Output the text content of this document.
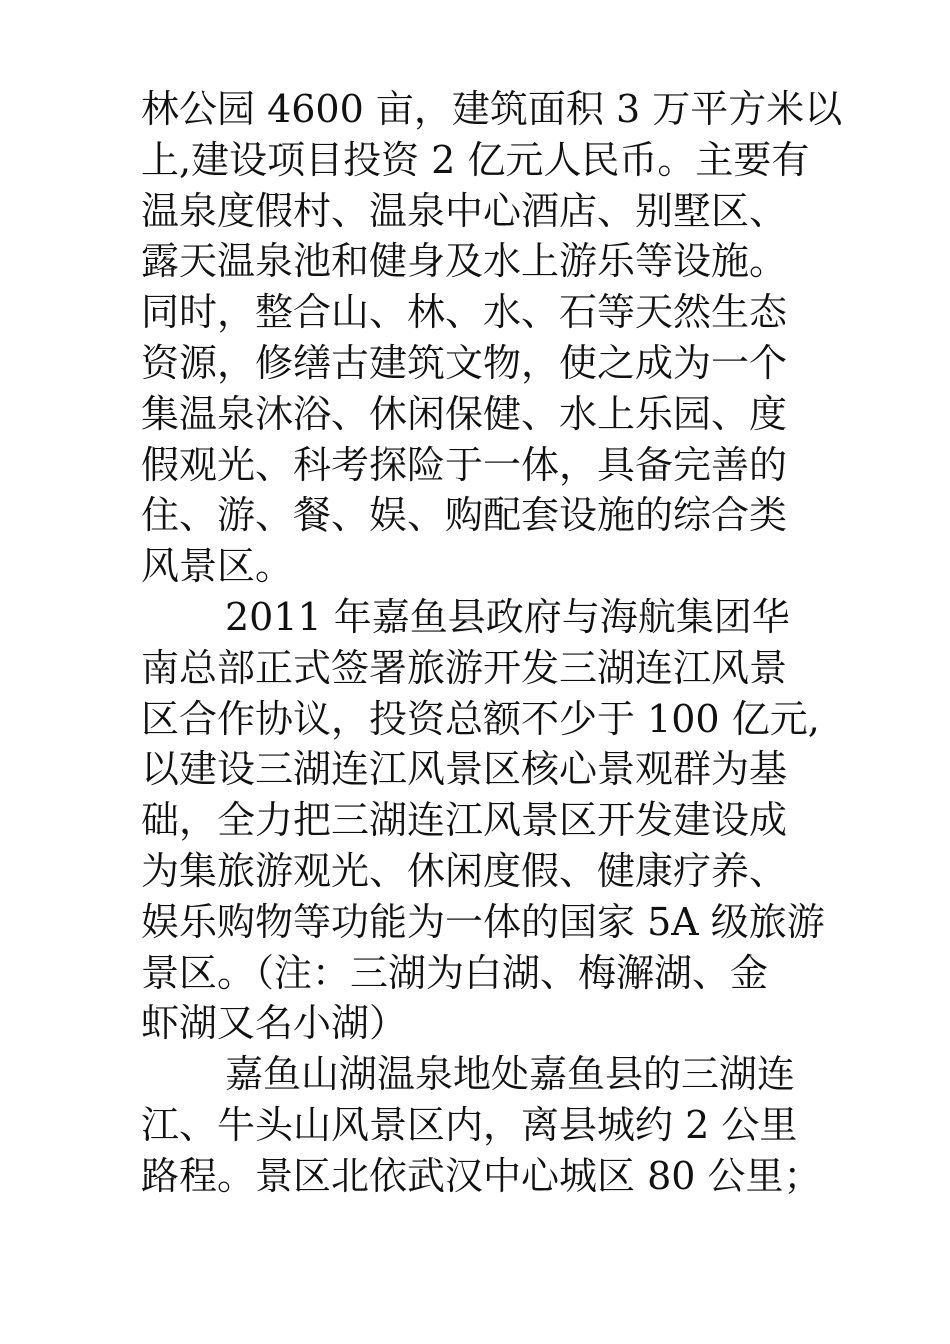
林公园 4600 亩，建筑面积 3 万平方米以
上,建设项目投资 2 亿元人民币。主要有
温泉度假村、温泉中心酒店、别墅区、
露天温泉池和健身及水上游乐等设施。
同时，整合山、林、水、石等天然生态
资源，修缮古建筑文物，使之成为一个
集温泉沐浴、休闲保健、水上乐园、度
假观光、科考探险于一体，具备完善的
住、游、餐、娱、购配套设施的综合类
风景区。
2011 年嘉鱼县政府与海航集团华
南总部正式签署旅游开发三湖连江风景
区合作协议，投资总额不少于 100 亿元,
以建设三湖连江风景区核心景观群为基
础，全力把三湖连江风景区开发建设成
为集旅游观光、休闲度假、健康疗养、
娱乐购物等功能为一体的国家 5A 级旅游
景区。（注：三湖为白湖、梅澥湖、金
虾湖又名小湖）
嘉鱼山湖温泉地处嘉鱼县的三湖连
江、牛头山风景区内，离县城约 2 公里
路程。景区北依武汉中心城区 80 公里；
